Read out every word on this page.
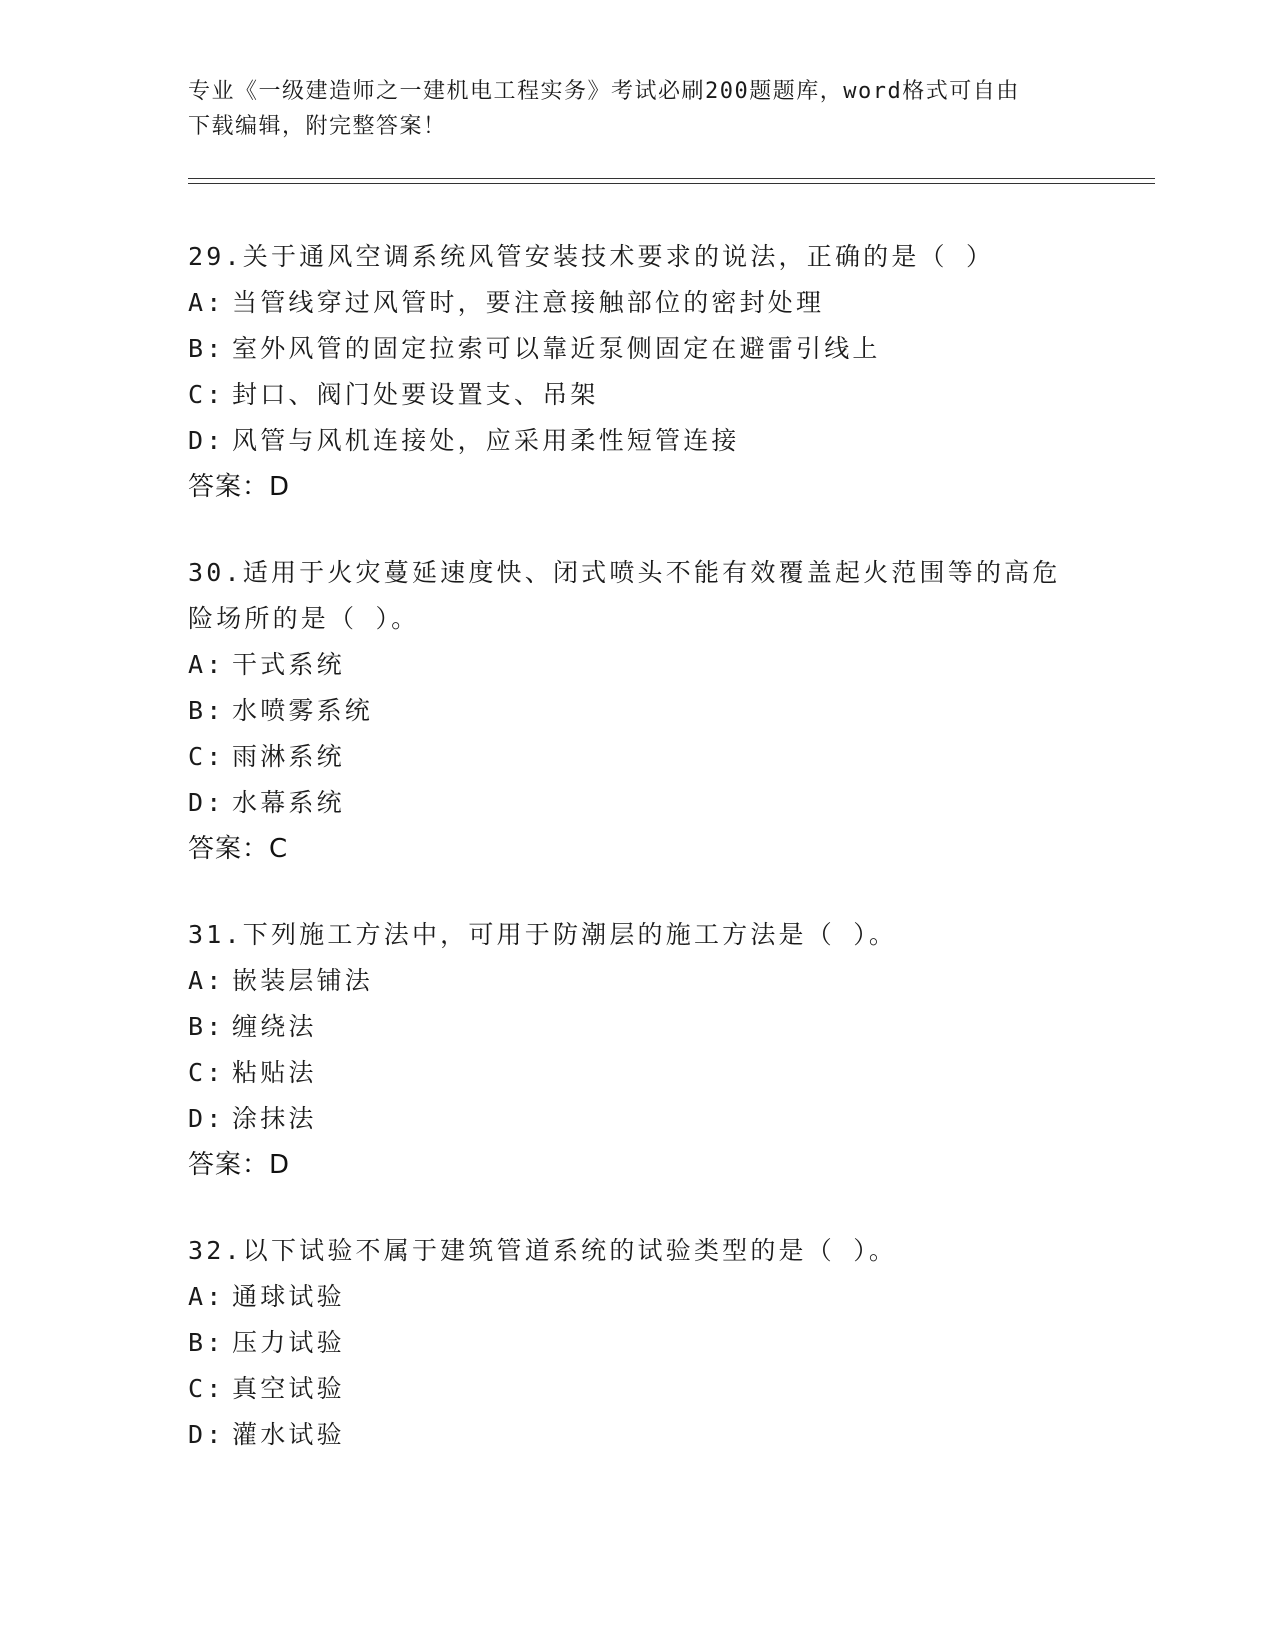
专业《一级建造师之一建机电工程实务》考试必刷200题题库，word格式可自由
下载编辑，附完整答案！
29.关于通风空调系统风管安装技术要求的说法，正确的是（ ）
A: 当管线穿过风管时，要注意接触部位的密封处理
B: 室外风管的固定拉索可以靠近泵侧固定在避雷引线上
C: 封口、阀门处要设置支、吊架
D: 风管与风机连接处，应采用柔性短管连接
答案：D
30.适用于火灾蔓延速度快、闭式喷头不能有效覆盖起火范围等的高危险场所的是（ ）。
A: 干式系统
B: 水喷雾系统
C: 雨淋系统
D: 水幕系统
答案：C
31.下列施工方法中，可用于防潮层的施工方法是（ ）。
A: 嵌装层铺法
B: 缠绕法
C: 粘贴法
D: 涂抹法
答案：D
32.以下试验不属于建筑管道系统的试验类型的是（ ）。
A: 通球试验
B: 压力试验
C: 真空试验
D: 灌水试验
